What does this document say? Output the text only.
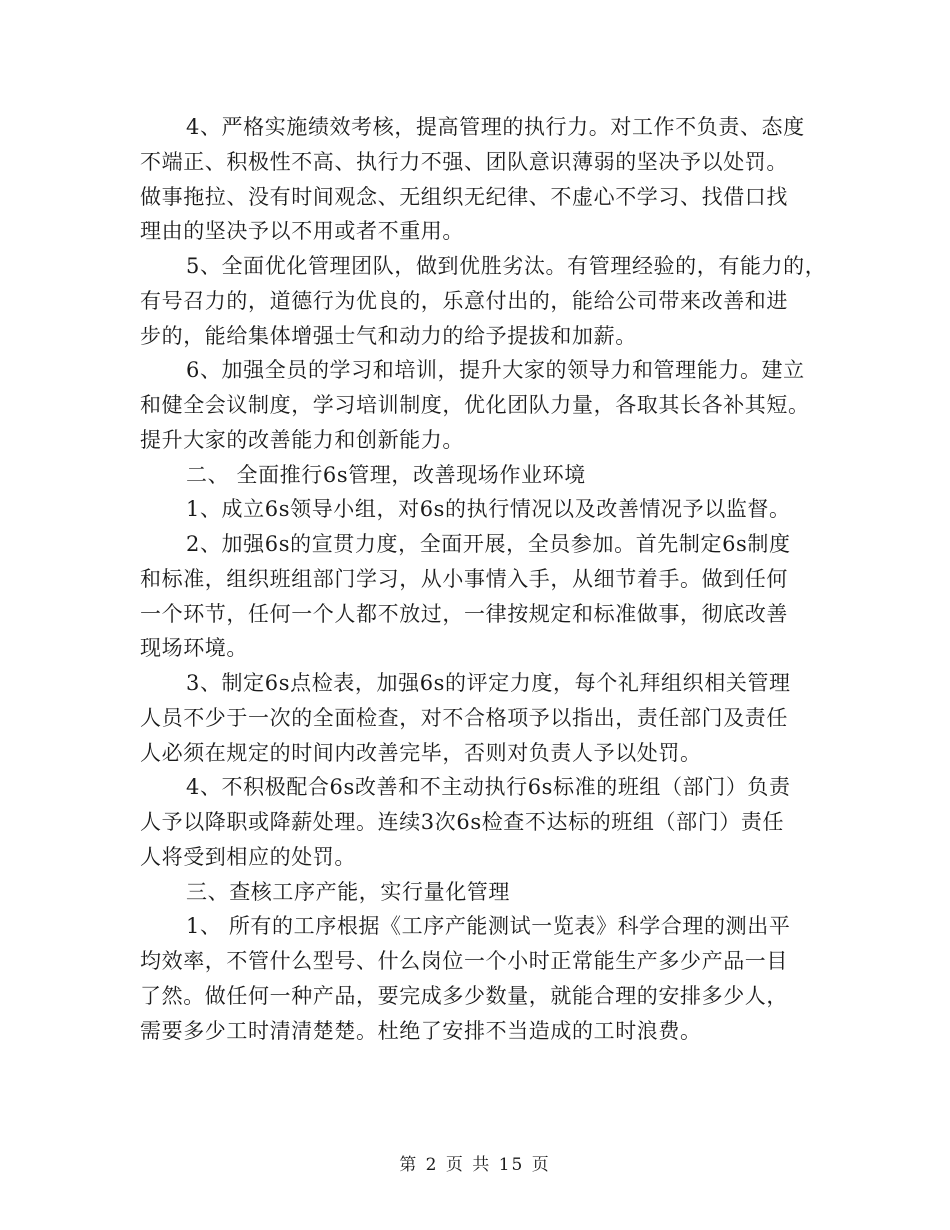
4、严格实施绩效考核，提高管理的执行力。对工作不负责、态度
不端正、积极性不高、执行力不强、团队意识薄弱的坚决予以处罚。
做事拖拉、没有时间观念、无组织无纪律、不虚心不学习、找借口找
理由的坚决予以不用或者不重用。
5、全面优化管理团队，做到优胜劣汰。有管理经验的，有能力的，
有号召力的，道德行为优良的，乐意付出的，能给公司带来改善和进
步的，能给集体增强士气和动力的给予提拔和加薪。
6、加强全员的学习和培训，提升大家的领导力和管理能力。建立
和健全会议制度，学习培训制度，优化团队力量，各取其长各补其短。
提升大家的改善能力和创新能力。
二、 全面推行6s管理，改善现场作业环境
1、成立6s领导小组，对6s的执行情况以及改善情况予以监督。
2、加强6s的宣贯力度，全面开展，全员参加。首先制定6s制度
和标准，组织班组部门学习，从小事情入手，从细节着手。做到任何
一个环节，任何一个人都不放过，一律按规定和标准做事，彻底改善
现场环境。
3、制定6s点检表，加强6s的评定力度，每个礼拜组织相关管理
人员不少于一次的全面检查，对不合格项予以指出，责任部门及责任
人必须在规定的时间内改善完毕，否则对负责人予以处罚。
4、不积极配合6s改善和不主动执行6s标准的班组（部门）负责
人予以降职或降薪处理。连续3次6s检查不达标的班组（部门）责任
人将受到相应的处罚。
三、查核工序产能，实行量化管理
1、 所有的工序根据《工序产能测试一览表》科学合理的测出平
均效率，不管什么型号、什么岗位一个小时正常能生产多少产品一目
了然。做任何一种产品，要完成多少数量，就能合理的安排多少人，
需要多少工时清清楚楚。杜绝了安排不当造成的工时浪费。
第 2 页 共 15 页
